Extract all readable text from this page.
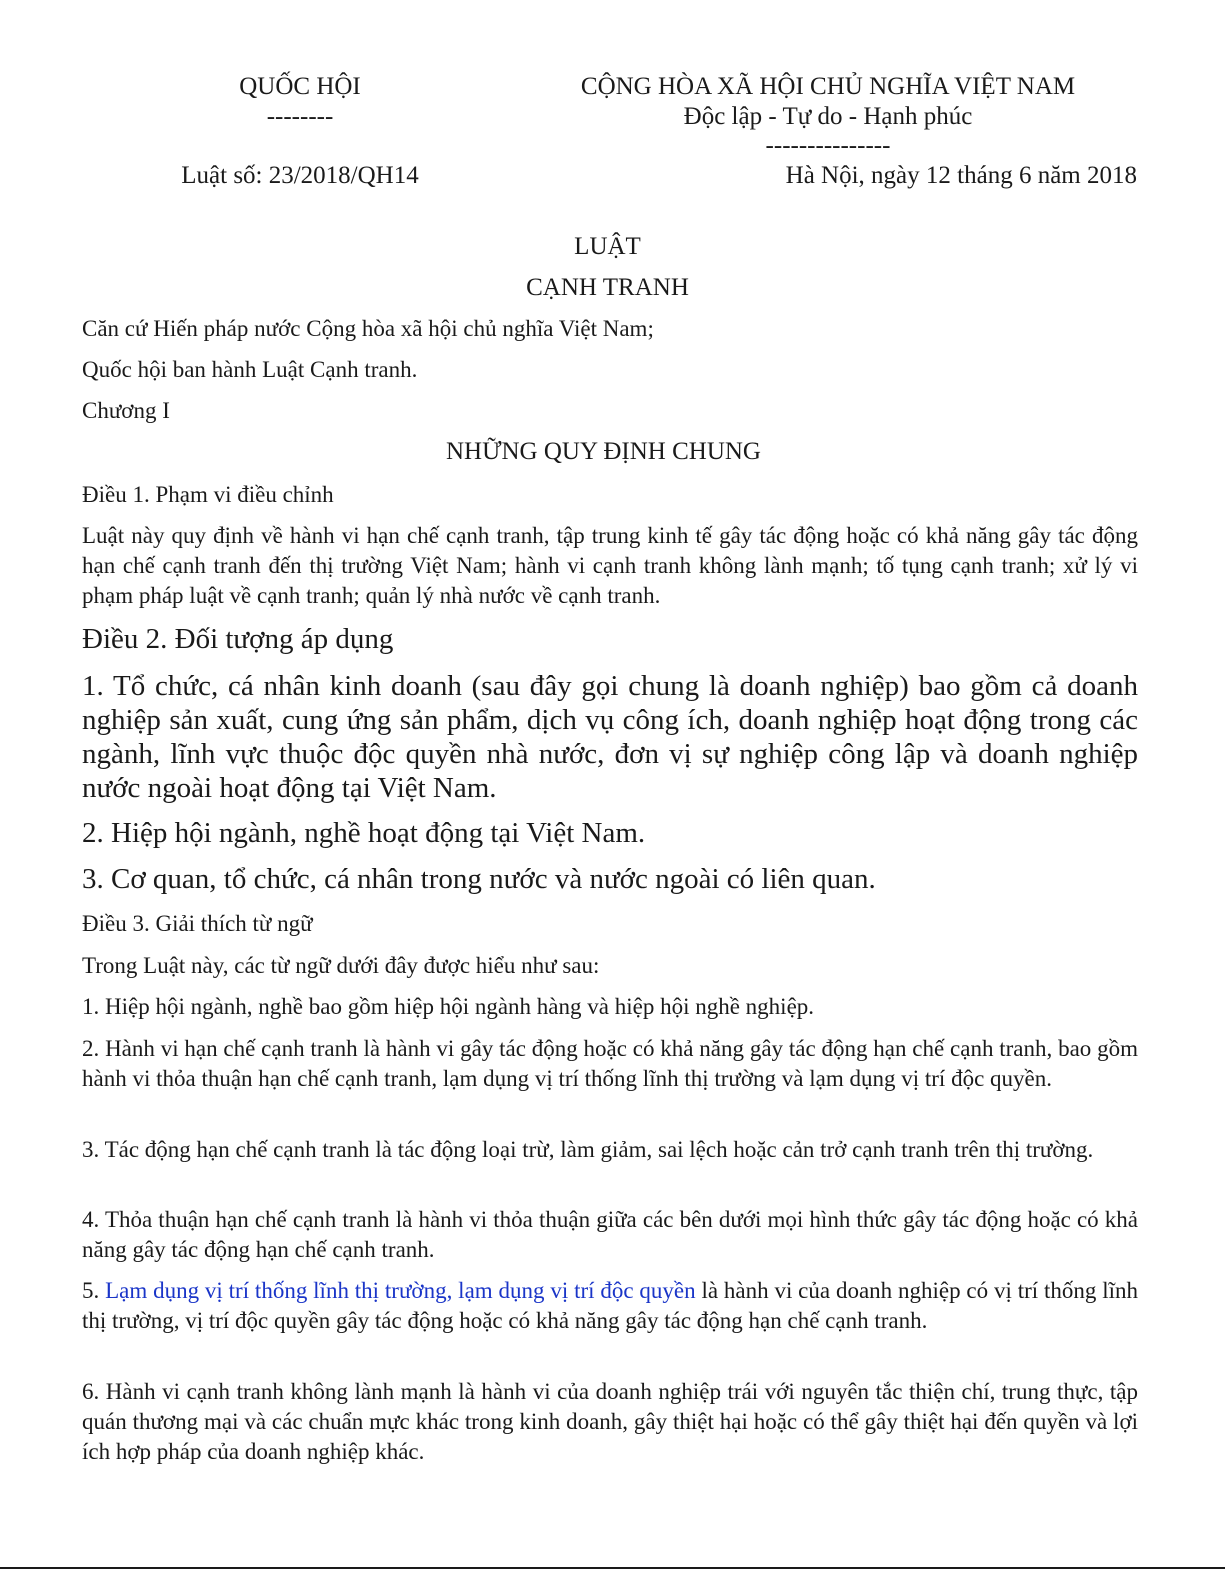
QUỐC HỘI
--------
Luật số: 23/2018/QH14
CỘNG HÒA XÃ HỘI CHỦ NGHĨA VIỆT NAM
Độc lập - Tự do - Hạnh phúc
---------------
Hà Nội, ngày 12 tháng 6 năm 2018
LUẬT
CẠNH TRANH
Căn cứ Hiến pháp nước Cộng hòa xã hội chủ nghĩa Việt Nam;
Quốc hội ban hành Luật Cạnh tranh.
Chương I
NHỮNG QUY ĐỊNH CHUNG
Điều 1. Phạm vi điều chỉnh
Luật này quy định về hành vi hạn chế cạnh tranh, tập trung kinh tế gây tác động hoặc có khả năng gây tác động hạn chế cạnh tranh đến thị trường Việt Nam; hành vi cạnh tranh không lành mạnh; tố tụng cạnh tranh; xử lý vi phạm pháp luật về cạnh tranh; quản lý nhà nước về cạnh tranh.
Điều 2. Đối tượng áp dụng
1. Tổ chức, cá nhân kinh doanh (sau đây gọi chung là doanh nghiệp) bao gồm cả doanh nghiệp sản xuất, cung ứng sản phẩm, dịch vụ công ích, doanh nghiệp hoạt động trong các ngành, lĩnh vực thuộc độc quyền nhà nước, đơn vị sự nghiệp công lập và doanh nghiệp nước ngoài hoạt động tại Việt Nam.
2. Hiệp hội ngành, nghề hoạt động tại Việt Nam.
3. Cơ quan, tổ chức, cá nhân trong nước và nước ngoài có liên quan.
Điều 3. Giải thích từ ngữ
Trong Luật này, các từ ngữ dưới đây được hiểu như sau:
1. Hiệp hội ngành, nghề bao gồm hiệp hội ngành hàng và hiệp hội nghề nghiệp.
2. Hành vi hạn chế cạnh tranh là hành vi gây tác động hoặc có khả năng gây tác động hạn chế cạnh tranh, bao gồm hành vi thỏa thuận hạn chế cạnh tranh, lạm dụng vị trí thống lĩnh thị trường và lạm dụng vị trí độc quyền.
3. Tác động hạn chế cạnh tranh là tác động loại trừ, làm giảm, sai lệch hoặc cản trở cạnh tranh trên thị trường.
4. Thỏa thuận hạn chế cạnh tranh là hành vi thỏa thuận giữa các bên dưới mọi hình thức gây tác động hoặc có khả năng gây tác động hạn chế cạnh tranh.
5. Lạm dụng vị trí thống lĩnh thị trường, lạm dụng vị trí độc quyền là hành vi của doanh nghiệp có vị trí thống lĩnh thị trường, vị trí độc quyền gây tác động hoặc có khả năng gây tác động hạn chế cạnh tranh.
6. Hành vi cạnh tranh không lành mạnh là hành vi của doanh nghiệp trái với nguyên tắc thiện chí, trung thực, tập quán thương mại và các chuẩn mực khác trong kinh doanh, gây thiệt hại hoặc có thể gây thiệt hại đến quyền và lợi ích hợp pháp của doanh nghiệp khác.
